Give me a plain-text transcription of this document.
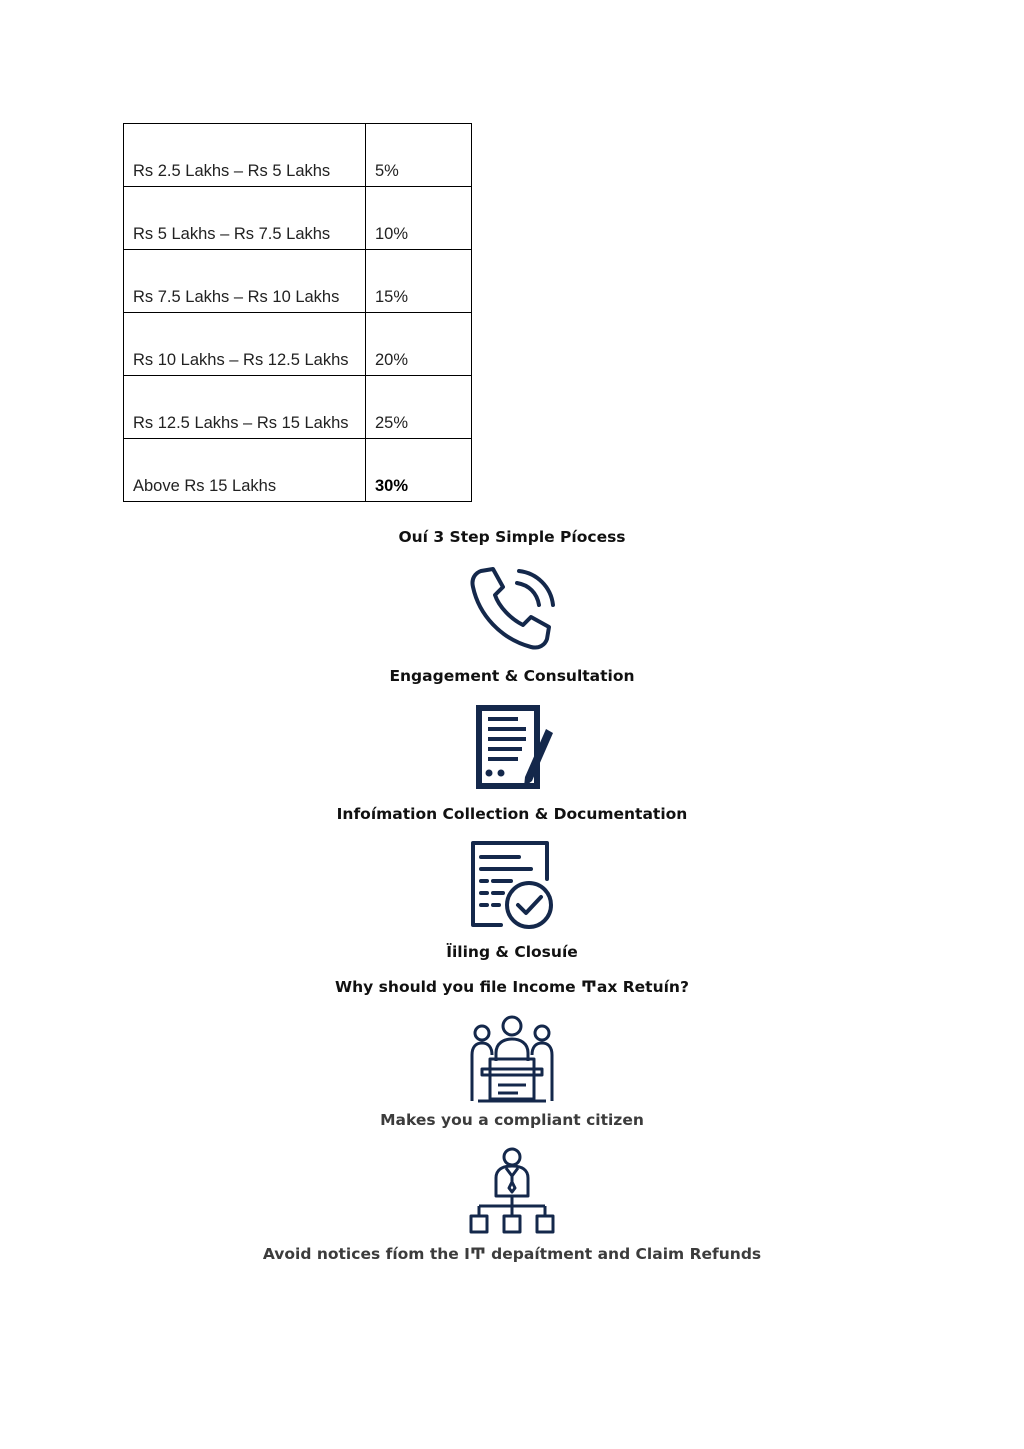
Rs 2.5 Lakhs – Rs 5 Lakhs	5%
Rs 5 Lakhs – Rs 7.5 Lakhs	10%
Rs 7.5 Lakhs – Rs 10 Lakhs	15%
Rs 10 Lakhs – Rs 12.5 Lakhs	20%
Rs 12.5 Lakhs – Rs 15 Lakhs	25%
Above Rs 15 Lakhs	30%
Ouí 3 Step Simple Píocess
Engagement & Consultation
Infoímation Collection & Documentation
Ïiling & Closuíe
Why should you file Income Ͳax Retuín?
Makes you a compliant citizen
Avoid notices fíom the IͲ depaítment and Claim Refunds
